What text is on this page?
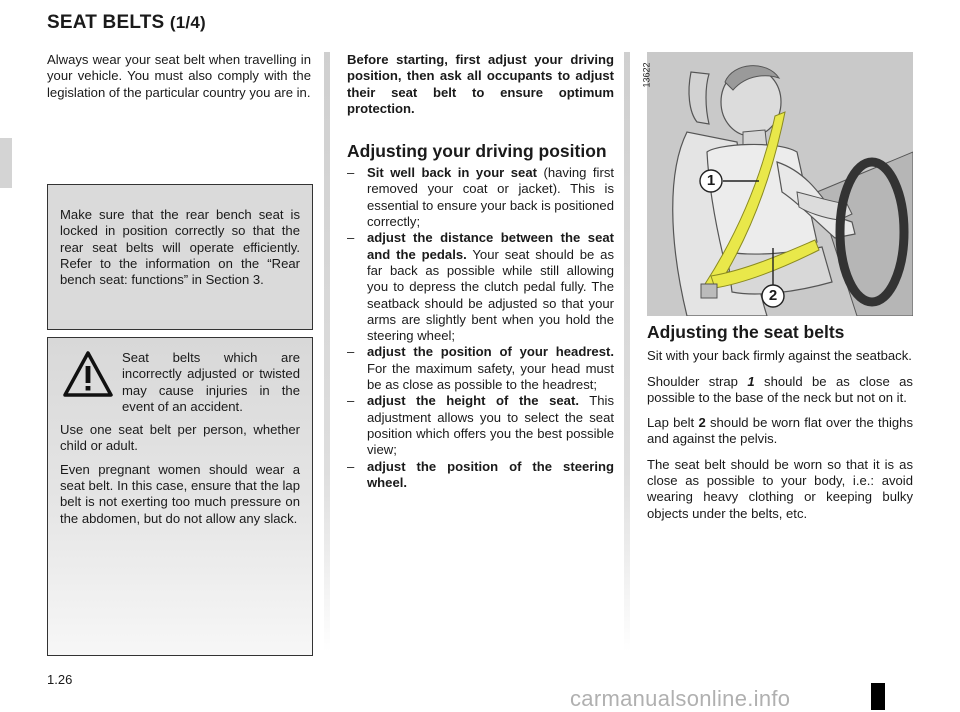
SEAT BELTS (1/4)
Always wear your seat belt when travelling in your vehicle. You must also comply with the legislation of the particular country you are in.
Make sure that the rear bench seat is locked in position correctly so that the rear seat belts will operate efficiently. Refer to the information on the “Rear bench seat: functions” in Section 3.
Seat belts which are incorrectly adjusted or twisted may cause injuries in the event of an accident.

Use one seat belt per person, whether child or adult.

Even pregnant women should wear a seat belt. In this case, ensure that the lap belt is not exerting too much pressure on the abdomen, but do not allow any slack.

Before starting, first adjust your driving position, then ask all occupants to adjust their seat belt to ensure optimum protection.

Adjusting your driving position
– Sit well back in your seat (having first removed your coat or jacket). This is essential to ensure your back is positioned correctly;
– adjust the distance between the seat and the pedals. Your seat should be as far back as possible while still allowing you to depress the clutch pedal fully. The seatback should be adjusted so that your arms are slightly bent when you hold the steering wheel;
– adjust the position of your headrest. For the maximum safety, your head must be as close as possible to the headrest;
– adjust the height of the seat. This adjustment allows you to select the seat position which offers you the best possible view;
– adjust the position of the steering wheel.
1
2
13622
Adjusting the seat belts

Sit with your back firmly against the seatback.

Shoulder strap 1 should be as close as possible to the base of the neck but not on it.

Lap belt 2 should be worn flat over the thighs and against the pelvis.

The seat belt should be worn so that it is as close as possible to your body, i.e.: avoid wearing heavy clothing or keeping bulky objects under the belts, etc.

1.26
carmanualsonline.info
